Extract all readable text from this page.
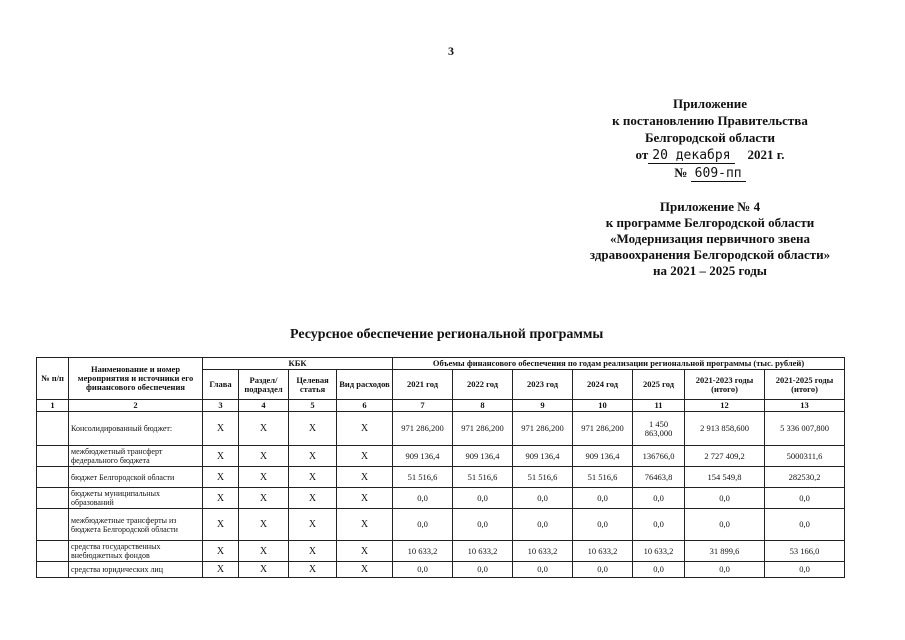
3
Приложение
к постановлению Правительства
Белгородской области
от 20 декабря 2021 г.
№ 609-пп
Приложение № 4
к программе Белгородской области
«Модернизация первичного звена
здравоохранения Белгородской области»
на 2021 – 2025 годы
Ресурсное обеспечение региональной программы
№ п/п	Наименование и номер мероприятия и источники его финансового обеспечения	КБК				Объемы финансового обеспечения по годам реализации региональной программы (тыс. рублей)						
		Глава	Раздел/ подраздел	Целевая статья	Вид расходов	2021 год	2022 год	2023 год	2024 год	2025 год	2021-2023 годы (итого)	2021-2025 годы (итого)
1	2	3	4	5	6	7	8	9	10	11	12	13
	Консолидированный бюджет:	Х	Х	Х	Х	971 286,200	971 286,200	971 286,200	971 286,200	1 450 863,000	2 913 858,600	5 336 007,800
	межбюджетный трансферт федерального бюджета	Х	Х	Х	Х	909 136,4	909 136,4	909 136,4	909 136,4	136766,0	2 727 409,2	5000311,6
	бюджет Белгородской области	Х	Х	Х	Х	51 516,6	51 516,6	51 516,6	51 516,6	76463,8	154 549,8	282530,2
	бюджеты муниципальных образований	Х	Х	Х	Х	0,0	0,0	0,0	0,0	0,0	0,0	0,0
	межбюджетные трансферты из бюджета Белгородской области	Х	Х	Х	Х	0,0	0,0	0,0	0,0	0,0	0,0	0,0
	средства государственных внебюджетных фондов	Х	Х	Х	Х	10 633,2	10 633,2	10 633,2	10 633,2	10 633,2	31 899,6	53 166,0
	средства юридических лиц	Х	Х	Х	Х	0,0	0,0	0,0	0,0	0,0	0,0	0,0
